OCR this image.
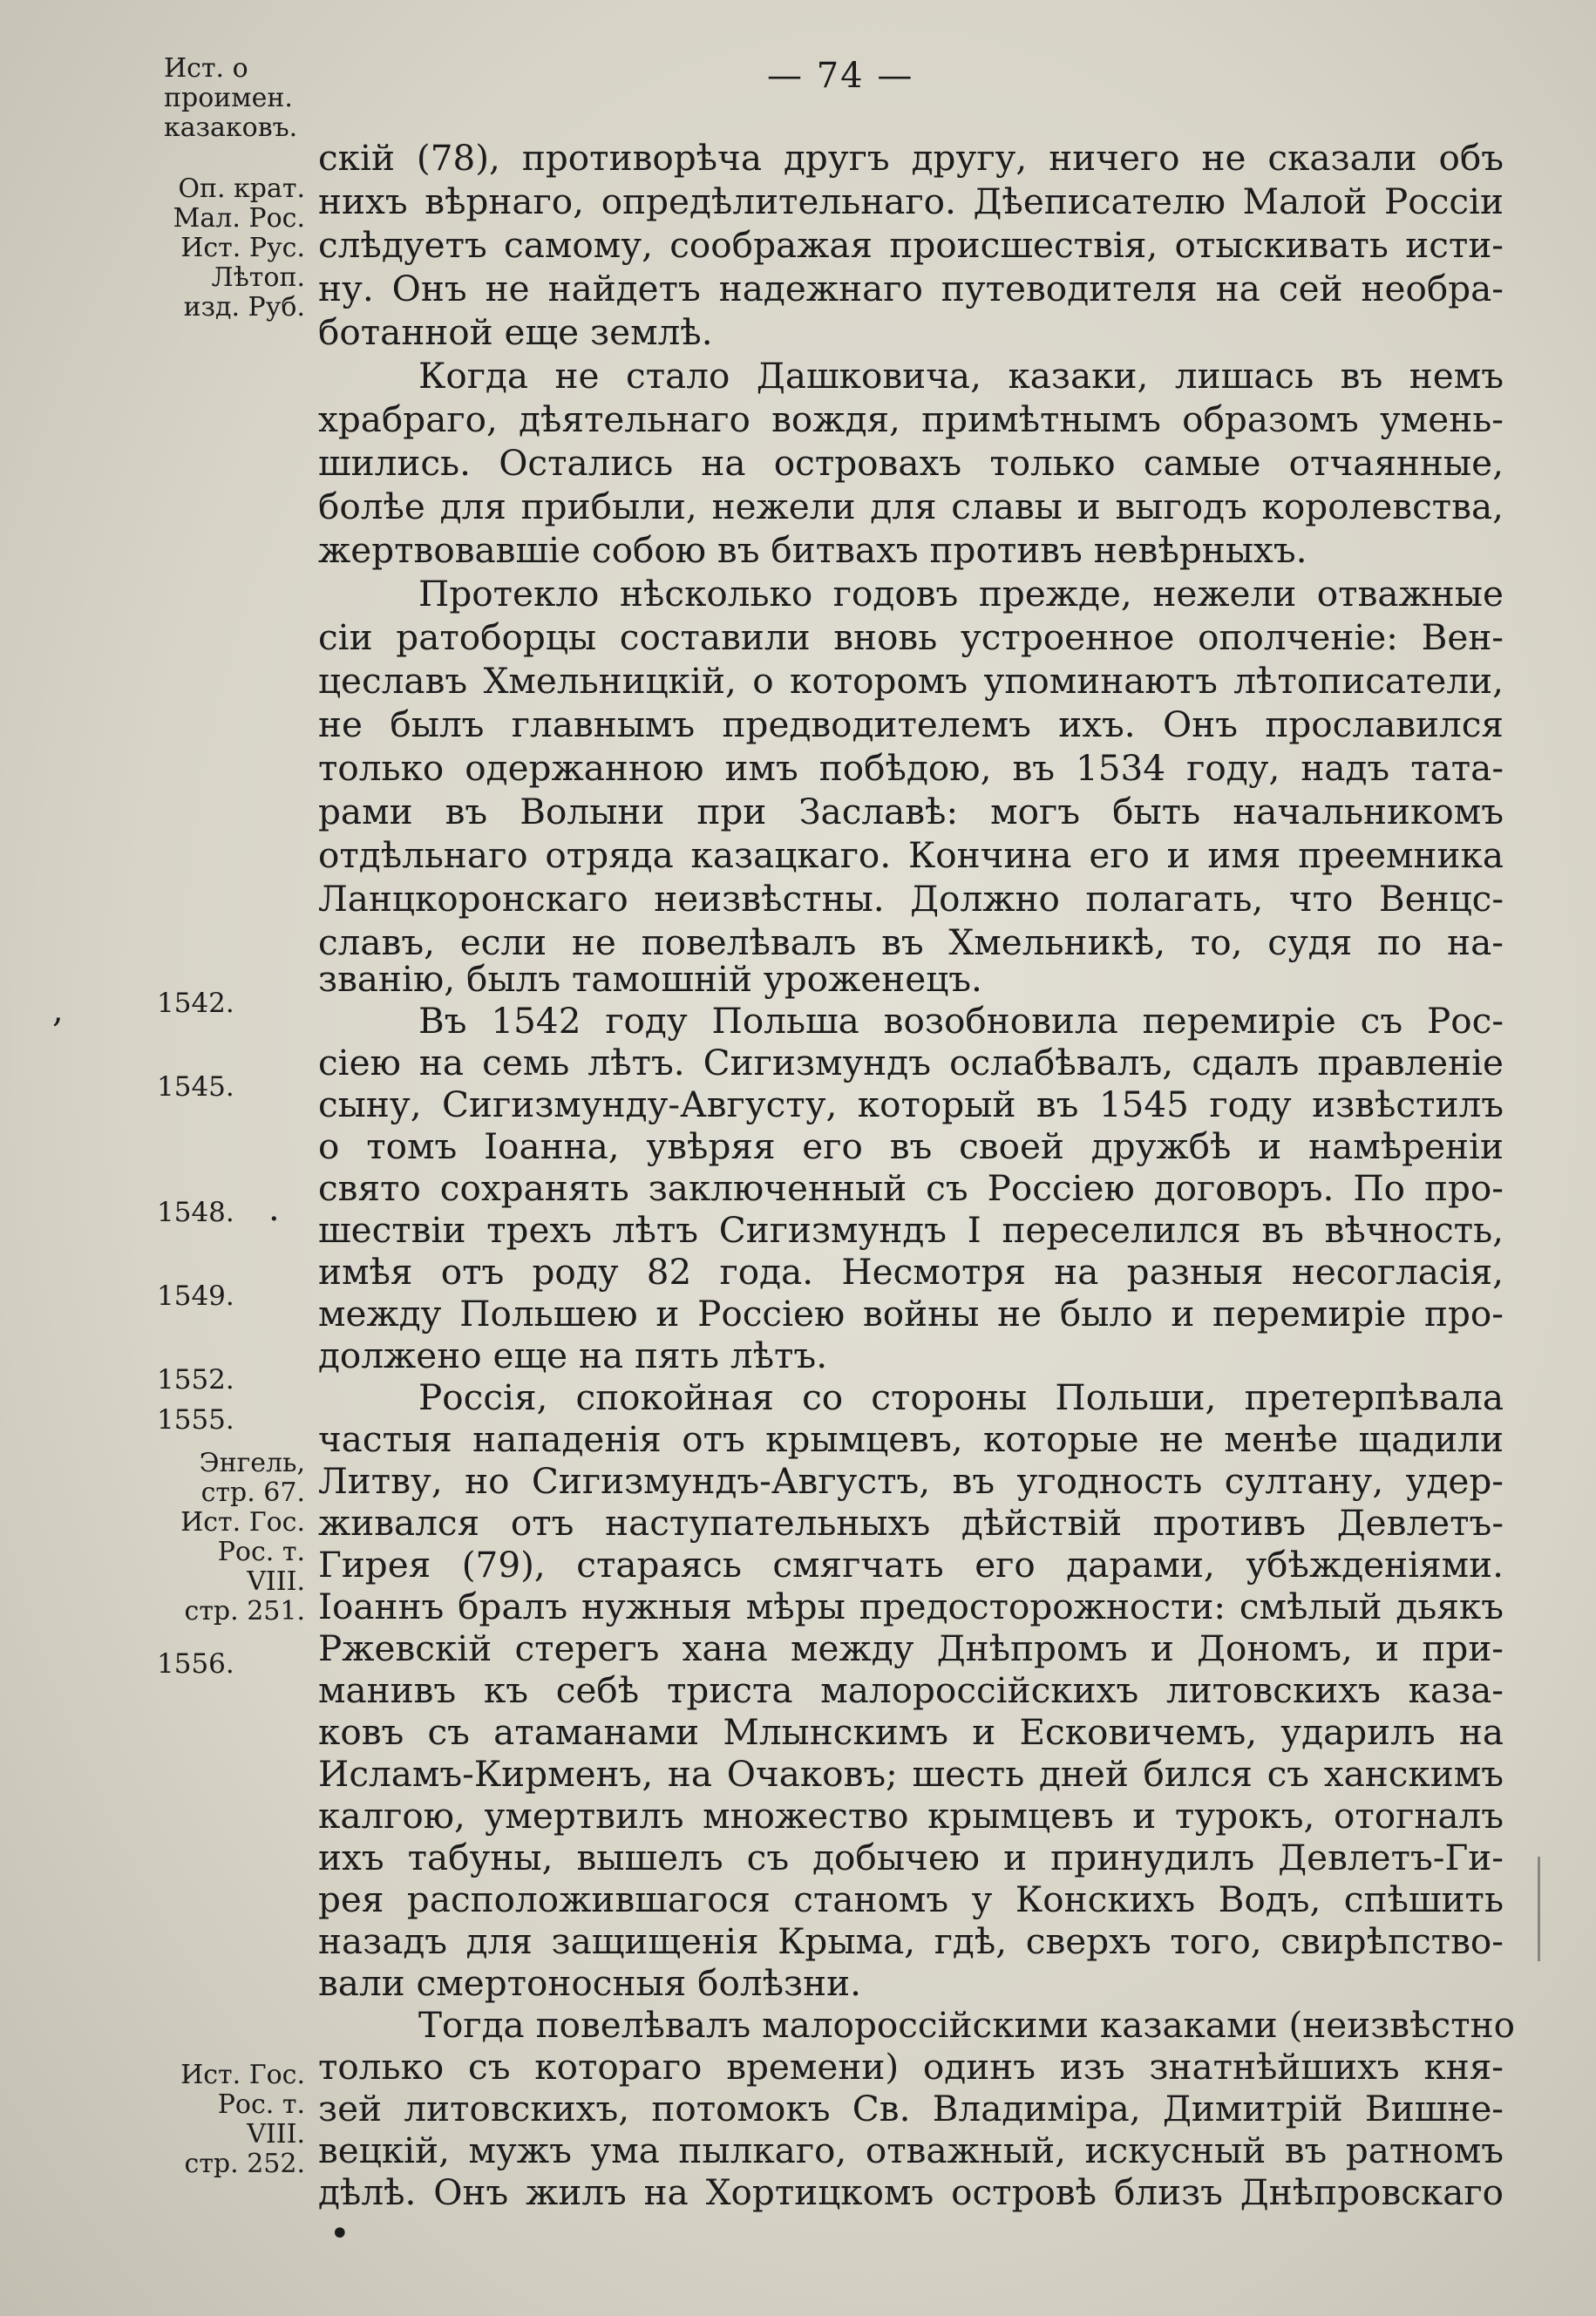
— 74 —
Ист. о
проимен.
казаковъ.
Оп. крат.
Мал. Рос.
Ист. Рус.
Лѣтоп.
изд. Руб.
1542.
1545.
1548.
1549.
1552.
1555.
Энгель,
стр. 67.
Ист. Гос.
Рос. т.
VIII.
стр. 251.
1556.
Ист. Гос.
Рос. т.
VIII.
стр. 252.
скій (78), противорѣча другъ другу, ничего не сказали объ
нихъ вѣрнаго, опредѣлительнаго. Дѣеписателю Малой Россіи
слѣдуетъ самому, соображая происшествія, отыскивать исти-
ну. Онъ не найдетъ надежнаго путеводителя на сей необра-
ботанной еще землѣ.
Когда не стало Дашковича, казаки, лишась въ немъ
храбраго, дѣятельнаго вождя, примѣтнымъ образомъ умень-
шились. Остались на островахъ только самые отчаянные,
болѣе для прибыли, нежели для славы и выгодъ королевства,
жертвовавшіе собою въ битвахъ противъ невѣрныхъ.
Протекло нѣсколько годовъ прежде, нежели отважные
сіи ратоборцы составили вновь устроенное ополченіе: Вен-
цеславъ Хмельницкій, о которомъ упоминаютъ лѣтописатели,
не былъ главнымъ предводителемъ ихъ. Онъ прославился
только одержанною имъ побѣдою, въ 1534 году, надъ тата-
рами въ Волыни при Заславѣ: могъ быть начальникомъ
отдѣльнаго отряда казацкаго. Кончина его и имя преемника
Ланцкоронскаго неизвѣстны. Должно полагать, что Венцс-
славъ, если не повелѣвалъ въ Хмельникѣ, то, судя по на-
званію, былъ тамошній уроженецъ.
Въ 1542 году Польша возобновила перемиріе съ Рос-
сіею на семь лѣтъ. Сигизмундъ ослабѣвалъ, сдалъ правленіе
сыну, Сигизмунду-Августу, который въ 1545 году извѣстилъ
о томъ Іоанна, увѣряя его въ своей дружбѣ и намѣреніи
свято сохранять заключенный съ Россіею договоръ. По про-
шествіи трехъ лѣтъ Сигизмундъ I переселился въ вѣчность,
имѣя отъ роду 82 года. Несмотря на разныя несогласія,
между Польшею и Россіею войны не было и перемиріе про-
должено еще на пять лѣтъ.
Россія, спокойная со стороны Польши, претерпѣвала
частыя нападенія отъ крымцевъ, которые не менѣе щадили
Литву, но Сигизмундъ-Августъ, въ угодность султану, удер-
живался отъ наступательныхъ дѣйствій противъ Девлетъ-
Гирея (79), стараясь смягчать его дарами, убѣжденіями.
Іоаннъ бралъ нужныя мѣры предосторожности: смѣлый дьякъ
Ржевскій стерегъ хана между Днѣпромъ и Дономъ, и при-
манивъ къ себѣ триста малороссійскихъ литовскихъ каза-
ковъ съ атаманами Млынскимъ и Есковичемъ, ударилъ на
Исламъ-Кирменъ, на Очаковъ; шесть дней бился съ ханскимъ
калгою, умертвилъ множество крымцевъ и турокъ, отогналъ
ихъ табуны, вышелъ съ добычею и принудилъ Девлетъ-Ги-
рея расположившагося станомъ у Конскихъ Водъ, спѣшить
назадъ для защищенія Крыма, гдѣ, сверхъ того, свирѣпство-
вали смертоносныя болѣзни.
Тогда повелѣвалъ малороссійскими казаками (неизвѣстно
только съ котораго времени) одинъ изъ знатнѣйшихъ кня-
зей литовскихъ, потомокъ Св. Владиміра, Димитрій Вишне-
вецкій, мужъ ума пылкаго, отважный, искусный въ ратномъ
дѣлѣ. Онъ жилъ на Хортицкомъ островѣ близъ Днѣпровскаго
,
·
•
